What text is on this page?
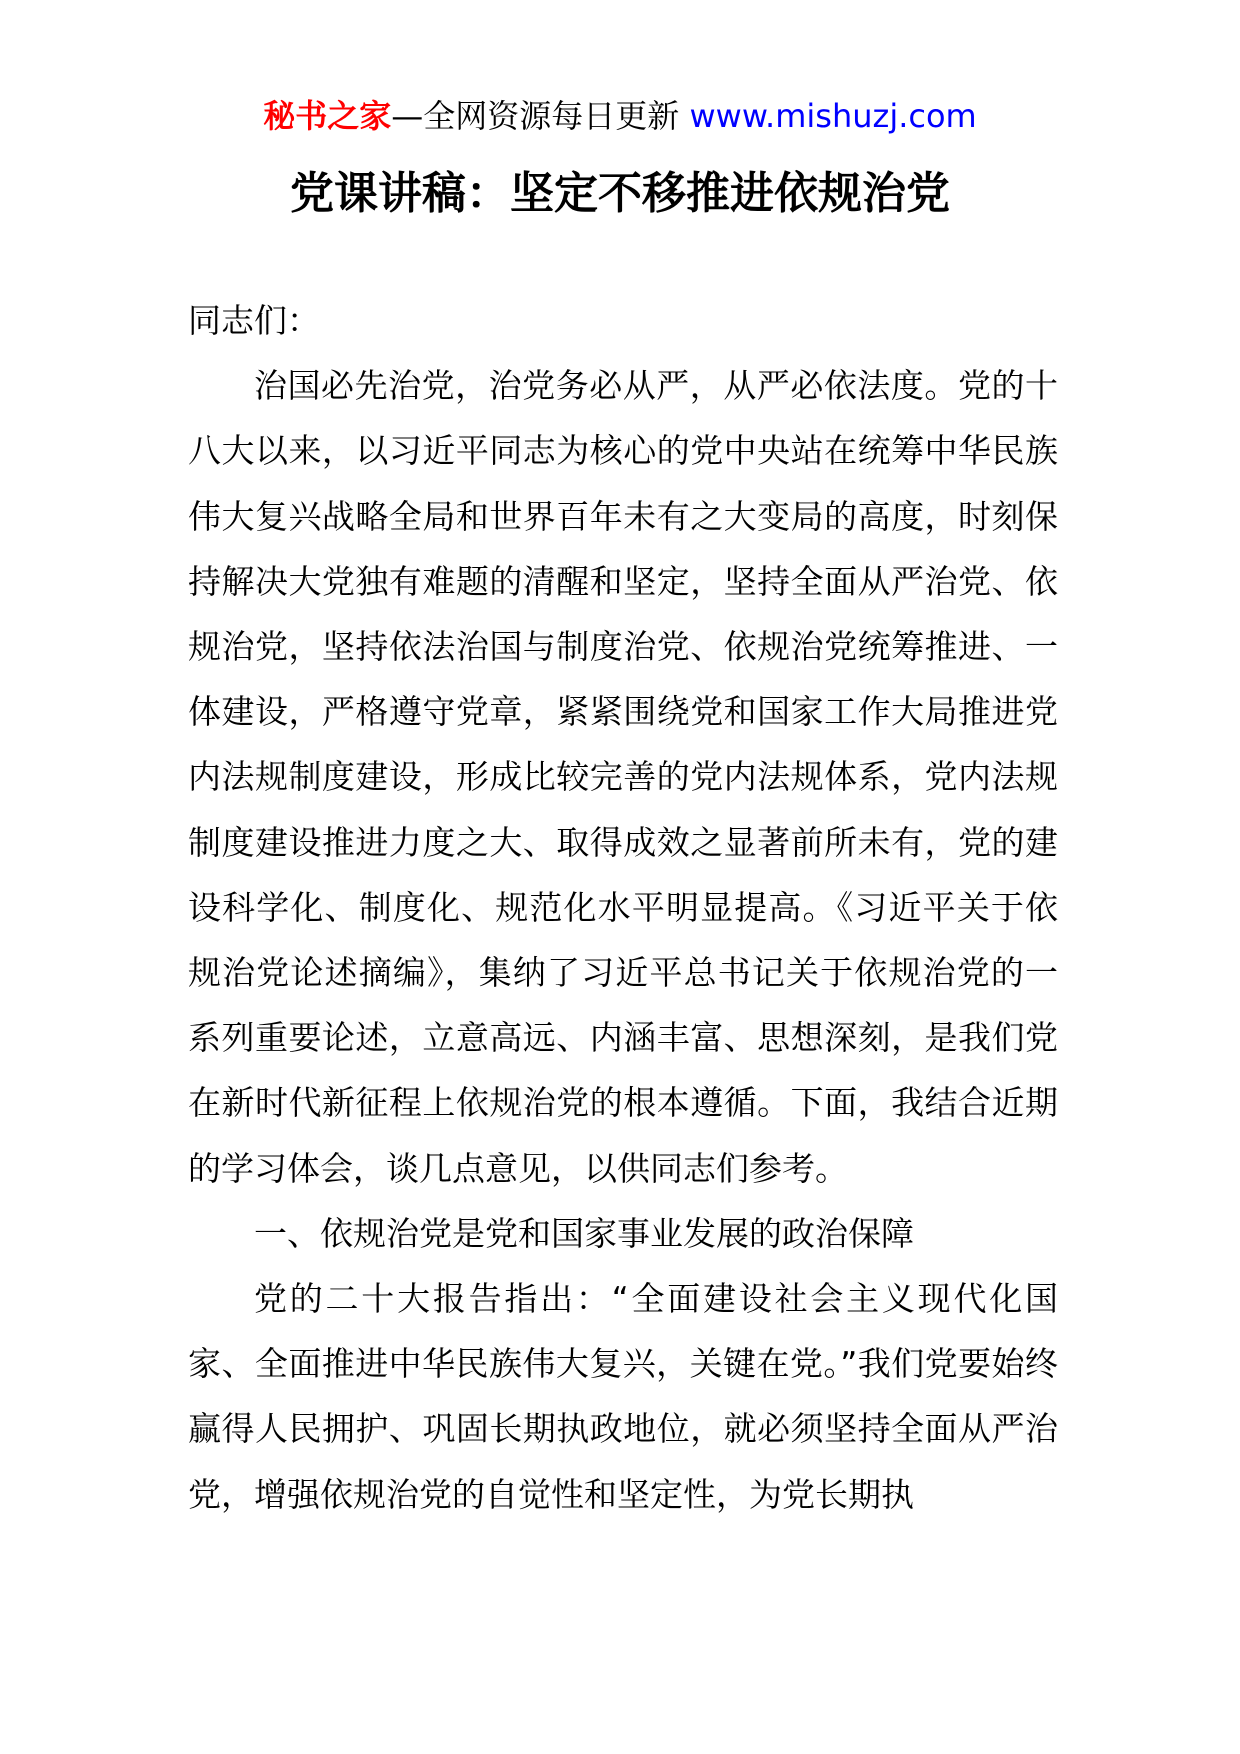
秘书之家—全网资源每日更新 www.mishuzj.com
党课讲稿：坚定不移推进依规治党

同志们：

治国必先治党，治党务必从严，从严必依法度。党的十八大以来，以习近平同志为核心的党中央站在统筹中华民族伟大复兴战略全局和世界百年未有之大变局的高度，时刻保持解决大党独有难题的清醒和坚定，坚持全面从严治党、依规治党，坚持依法治国与制度治党、依规治党统筹推进、一体建设，严格遵守党章，紧紧围绕党和国家工作大局推进党内法规制度建设，形成比较完善的党内法规体系，党内法规制度建设推进力度之大、取得成效之显著前所未有，党的建设科学化、制度化、规范化水平明显提高。《习近平关于依规治党论述摘编》，集纳了习近平总书记关于依规治党的一系列重要论述，立意高远、内涵丰富、思想深刻，是我们党在新时代新征程上依规治党的根本遵循。下面，我结合近期的学习体会，谈几点意见，以供同志们参考。

一、依规治党是党和国家事业发展的政治保障

党的二十大报告指出：“全面建设社会主义现代化国家、全面推进中华民族伟大复兴，关键在党。”我们党要始终赢得人民拥护、巩固长期执政地位，就必须坚持全面从严治党，增强依规治党的自觉性和坚定性，为党长期执
